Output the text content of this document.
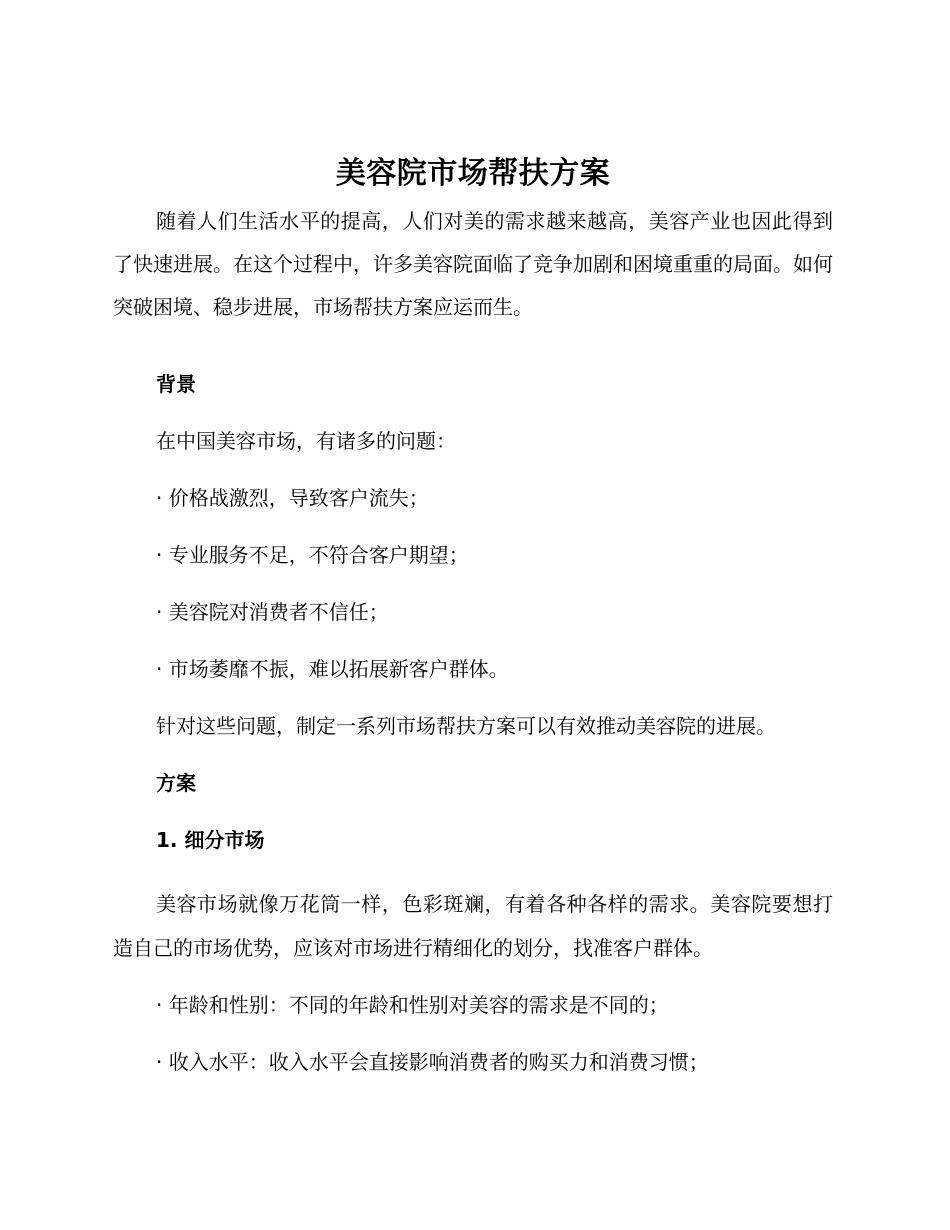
美容院市场帮扶方案

随着人们生活水平的提高，人们对美的需求越来越高，美容产业也因此得到了快速进展。在这个过程中，许多美容院面临了竞争加剧和困境重重的局面。如何突破困境、稳步进展，市场帮扶方案应运而生。

背景

在中国美容市场，有诸多的问题：

· 价格战激烈，导致客户流失；

· 专业服务不足，不符合客户期望；

· 美容院对消费者不信任；

· 市场萎靡不振，难以拓展新客户群体。

针对这些问题，制定一系列市场帮扶方案可以有效推动美容院的进展。

方案

1. 细分市场

美容市场就像万花筒一样，色彩斑斓，有着各种各样的需求。美容院要想打造自己的市场优势，应该对市场进行精细化的划分，找准客户群体。

· 年龄和性别：不同的年龄和性别对美容的需求是不同的；

· 收入水平：收入水平会直接影响消费者的购买力和消费习惯；
